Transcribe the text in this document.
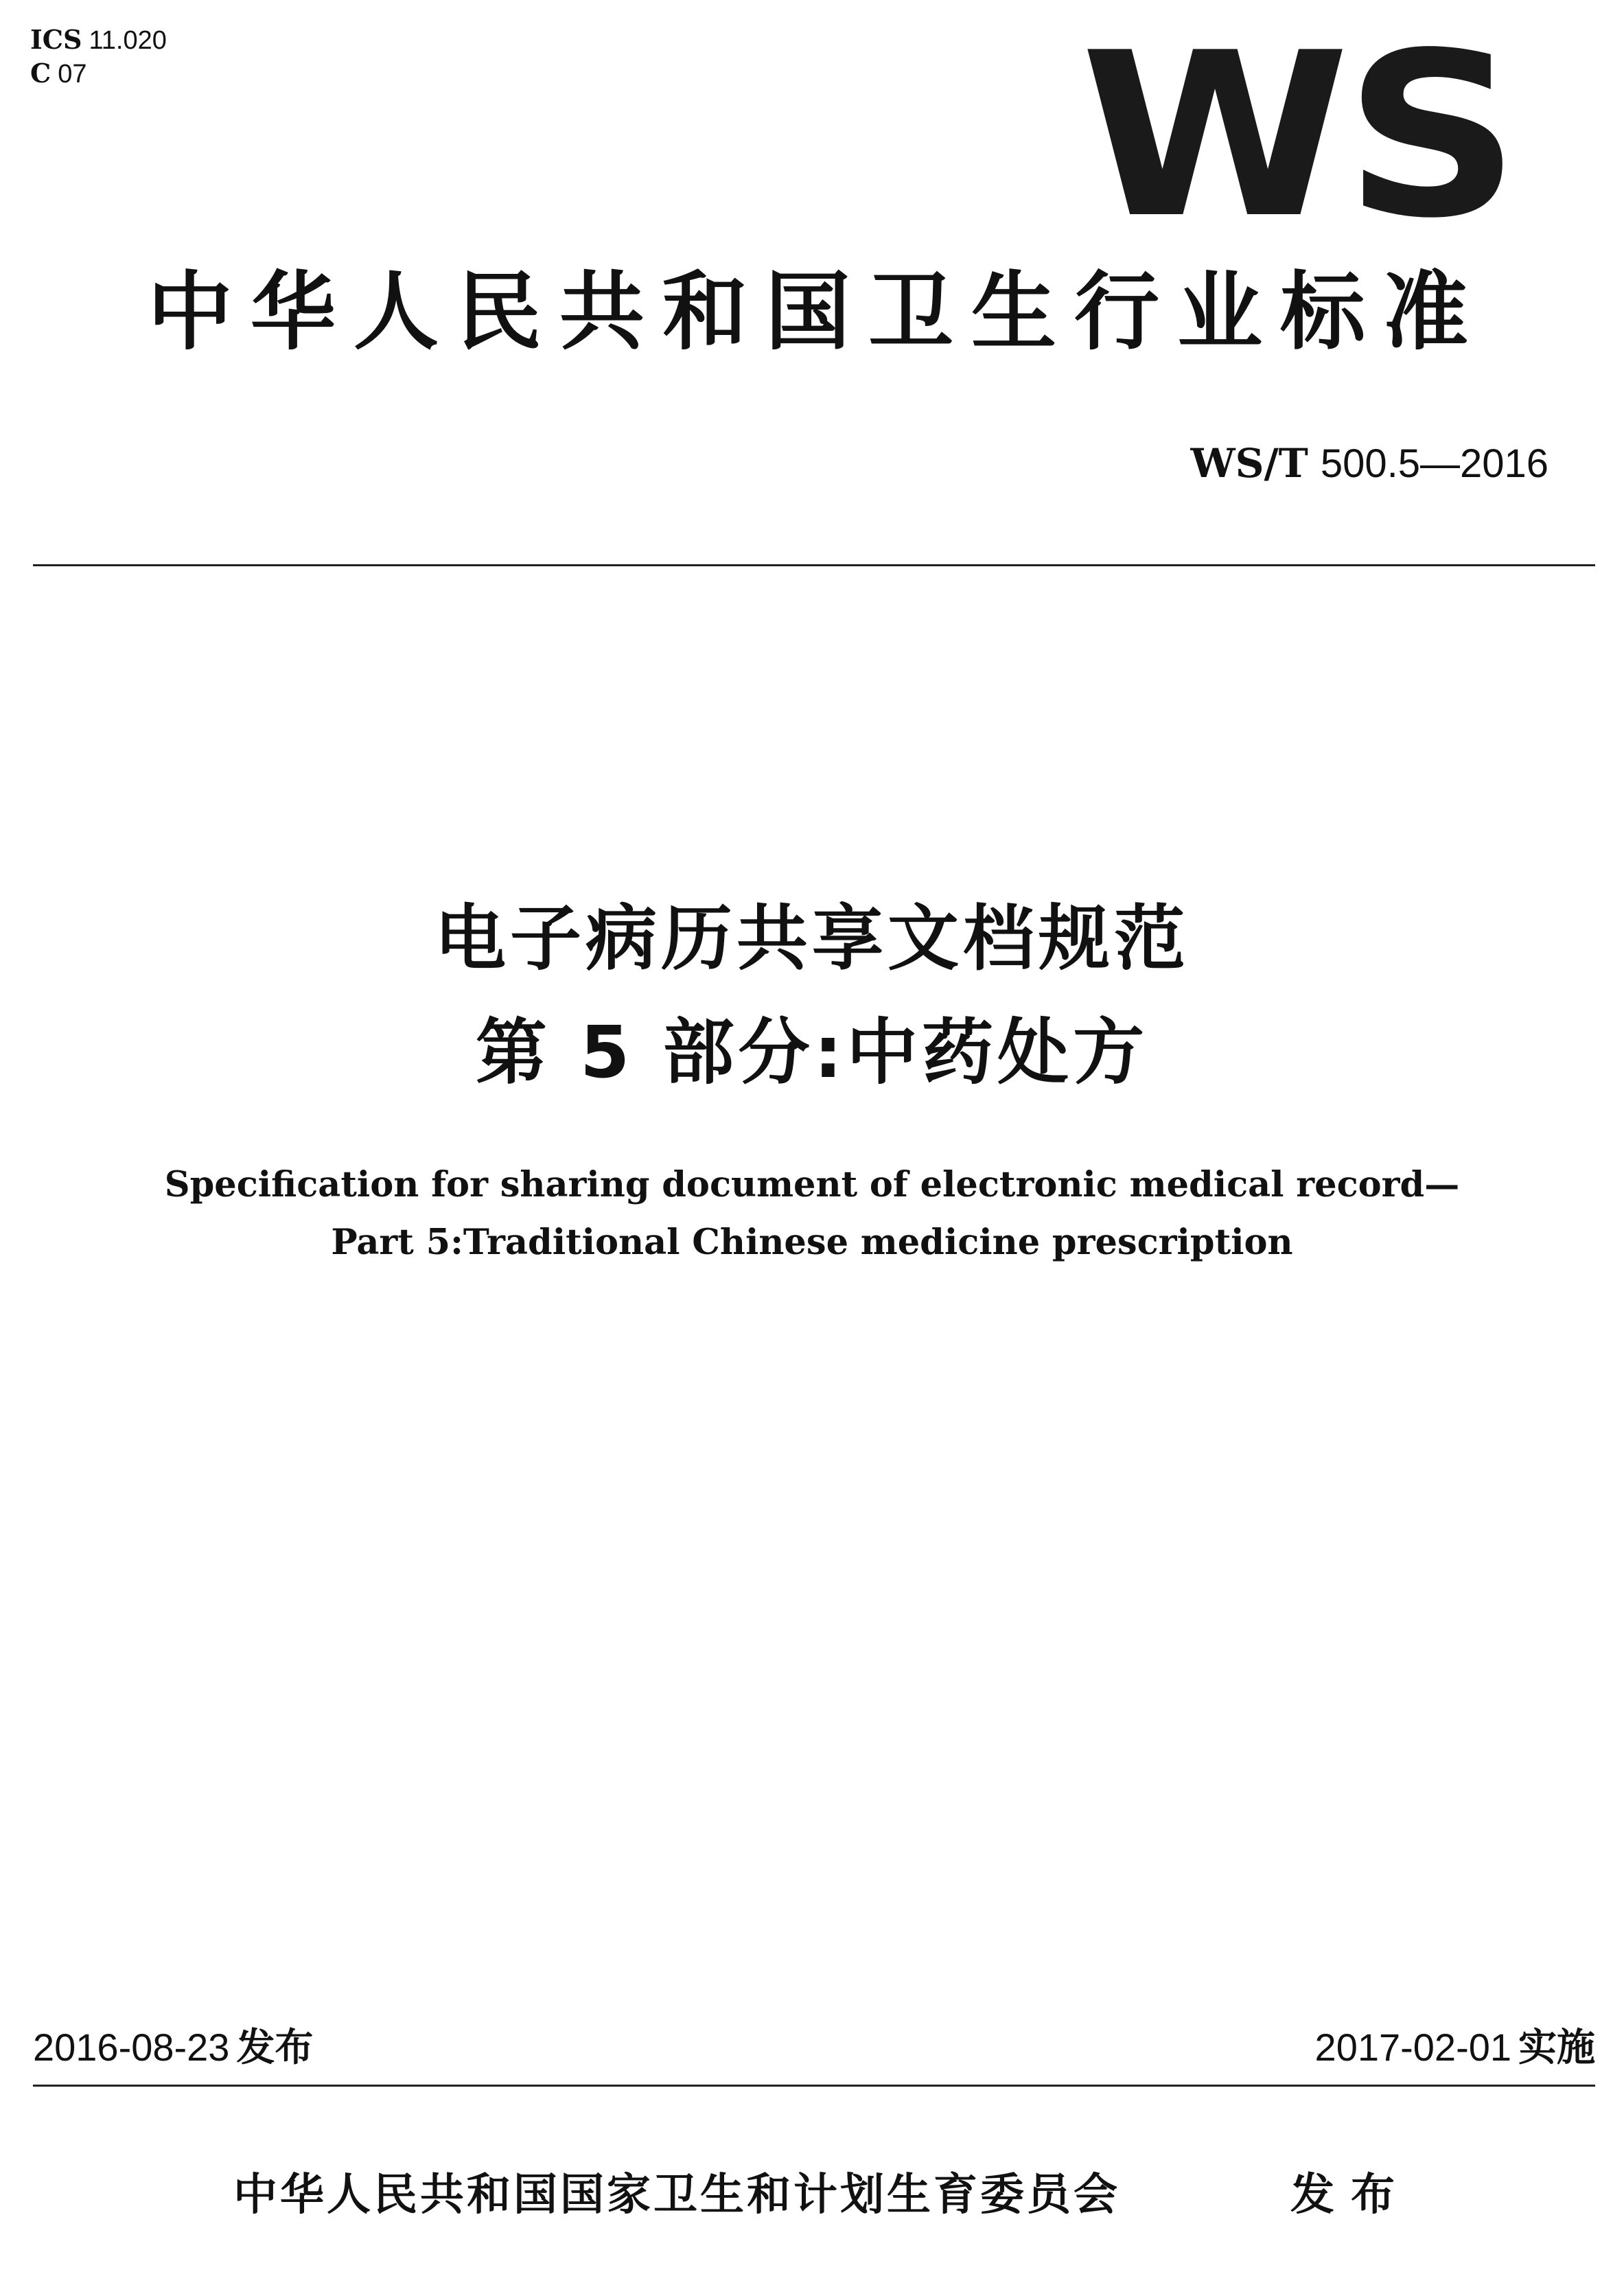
ICS 11.020
C 07	WS
中华人民共和国卫生行业标准
WS/T 500.5—2016
电子病历共享文档规范
第 5 部分:中药处方
Specification for sharing document of electronic medical record—
Part 5:Traditional Chinese medicine prescription
2016-08-23 发布	2017-02-01 实施
中华人民共和国国家卫生和计划生育委员会	发布
